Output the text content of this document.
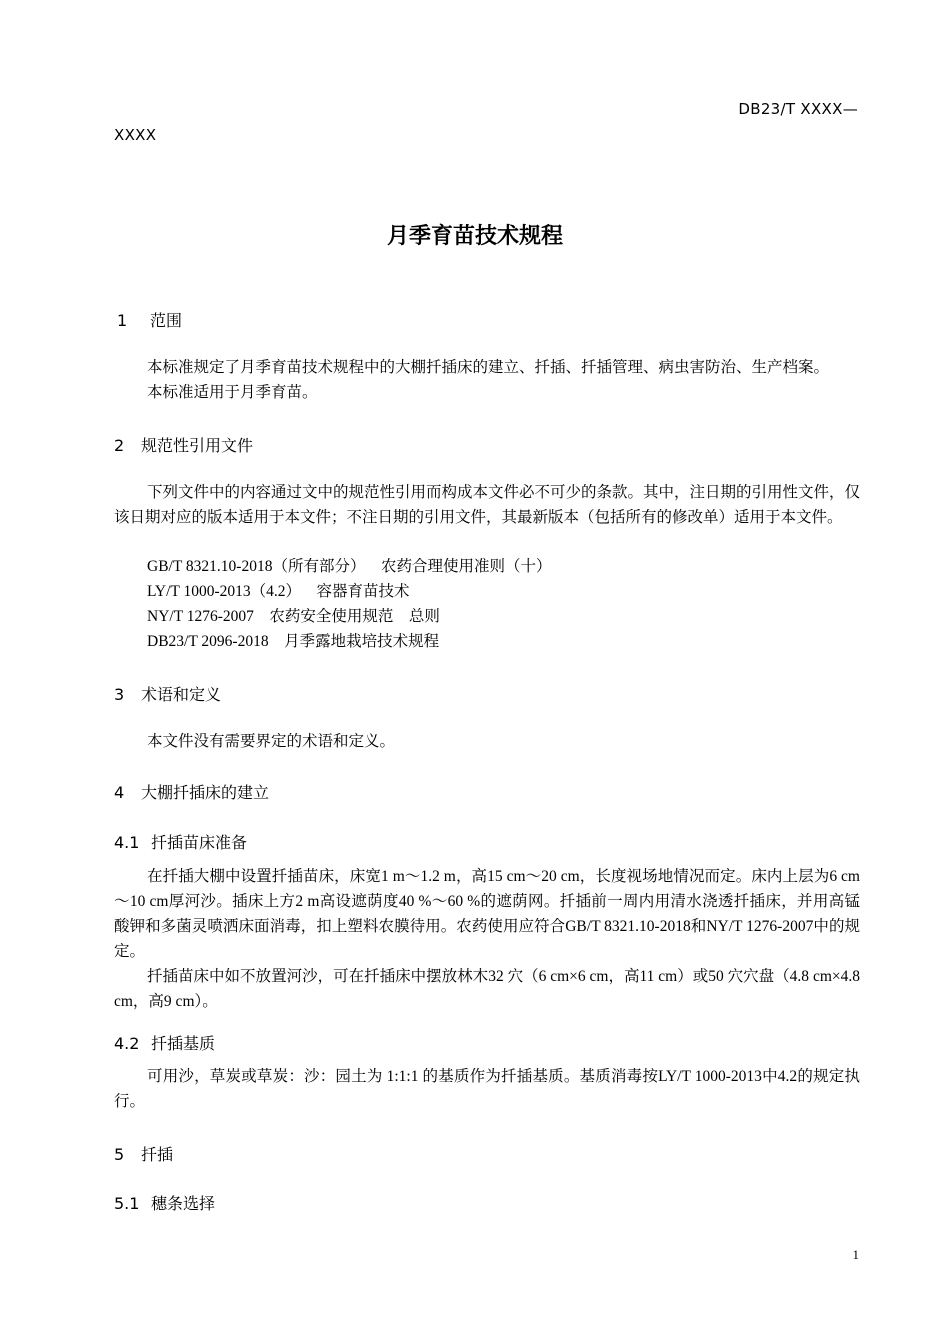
DB23/T XXXX—
XXXX
月季育苗技术规程
1 范围
本标准规定了月季育苗技术规程中的大棚扦插床的建立、扦插、扦插管理、病虫害防治、生产档案。
本标准适用于月季育苗。
2 规范性引用文件
下列文件中的内容通过文中的规范性引用而构成本文件必不可少的条款。其中，注日期的引用性文件，仅该日期对应的版本适用于本文件；不注日期的引用文件，其最新版本（包括所有的修改单）适用于本文件。
GB/T 8321.10-2018（所有部分）    农药合理使用准则（十）
LY/T 1000-2013（4.2）    容器育苗技术
NY/T 1276-2007    农药安全使用规范    总则
DB23/T 2096-2018    月季露地栽培技术规程
3 术语和定义
本文件没有需要界定的术语和定义。
4 大棚扦插床的建立
4.1 扦插苗床准备
在扦插大棚中设置扦插苗床，床宽1 m～1.2 m，高15 cm～20 cm，长度视场地情况而定。床内上层为6 cm～10 cm厚河沙。插床上方2 m高设遮荫度40 %～60 %的遮荫网。扦插前一周内用清水浇透扦插床，并用高锰酸钾和多菌灵喷洒床面消毒，扣上塑料农膜待用。农药使用应符合GB/T 8321.10-2018和NY/T 1276-2007中的规定。
扦插苗床中如不放置河沙，可在扦插床中摆放林木32 穴（6 cm×6 cm，高11 cm）或50 穴穴盘（4.8 cm×4.8 cm，高9 cm）。
4.2 扦插基质
可用沙，草炭或草炭：沙：园土为 1:1:1 的基质作为扦插基质。基质消毒按LY/T 1000-2013中4.2的规定执行。
5 扦插
5.1 穗条选择
1
